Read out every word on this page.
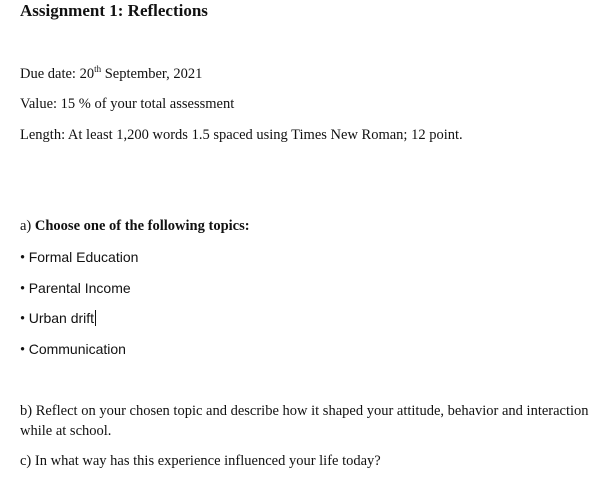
Assignment 1: Reflections
Due date: 20th September, 2021
Value: 15 % of your total assessment
Length: At least 1,200 words 1.5 spaced using Times New Roman; 12 point.
a) Choose one of the following topics:
• Formal Education
• Parental Income
• Urban drift
• Communication
b) Reflect on your chosen topic and describe how it shaped your attitude, behavior and interaction while at school.
c) In what way has this experience influenced your life today?
